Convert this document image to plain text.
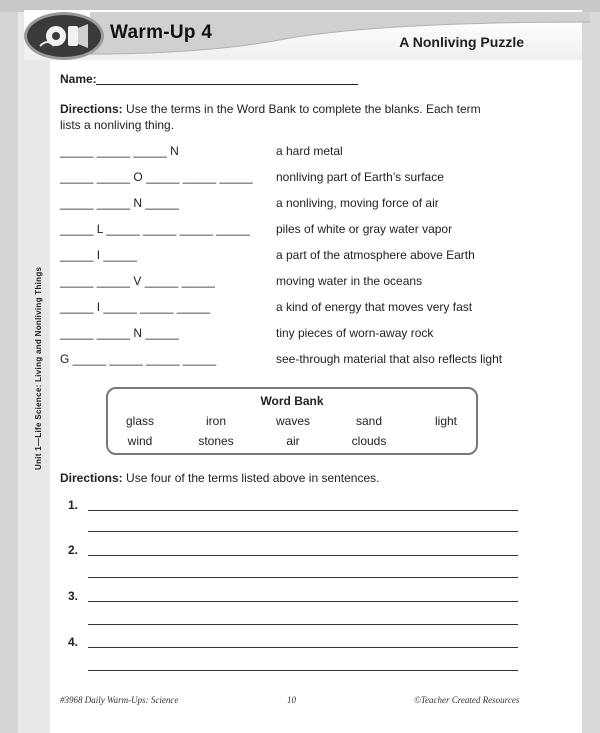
Warm-Up 4	A Nonliving Puzzle
Unit 1—Life Science: Living and Nonliving Things
Name:
Directions: Use the terms in the Word Bank to complete the blanks. Each term lists a nonliving thing.
_____ _____ _____ N	a hard metal
_____ _____ O _____ _____ _____ nonliving part of Earth’s surface
_____ _____ N _____	a nonliving, moving force of air
_____ L _____ _____ _____ _____ piles of white or gray water vapor
_____ I _____	a part of the atmosphere above Earth
_____ _____ V _____ _____	moving water in the oceans
_____ I _____ _____ _____	a kind of energy that moves very fast
_____ _____ N _____	tiny pieces of worn-away rock
G _____ _____ _____ _____	see-through material that also reflects light
Word Bank
glass	iron	waves	sand	light
wind	stones	air	clouds
Directions: Use four of the terms listed above in sentences.
1.
2.
3.
4.
#3968 Daily Warm-Ups: Science	10	©Teacher Created Resources
